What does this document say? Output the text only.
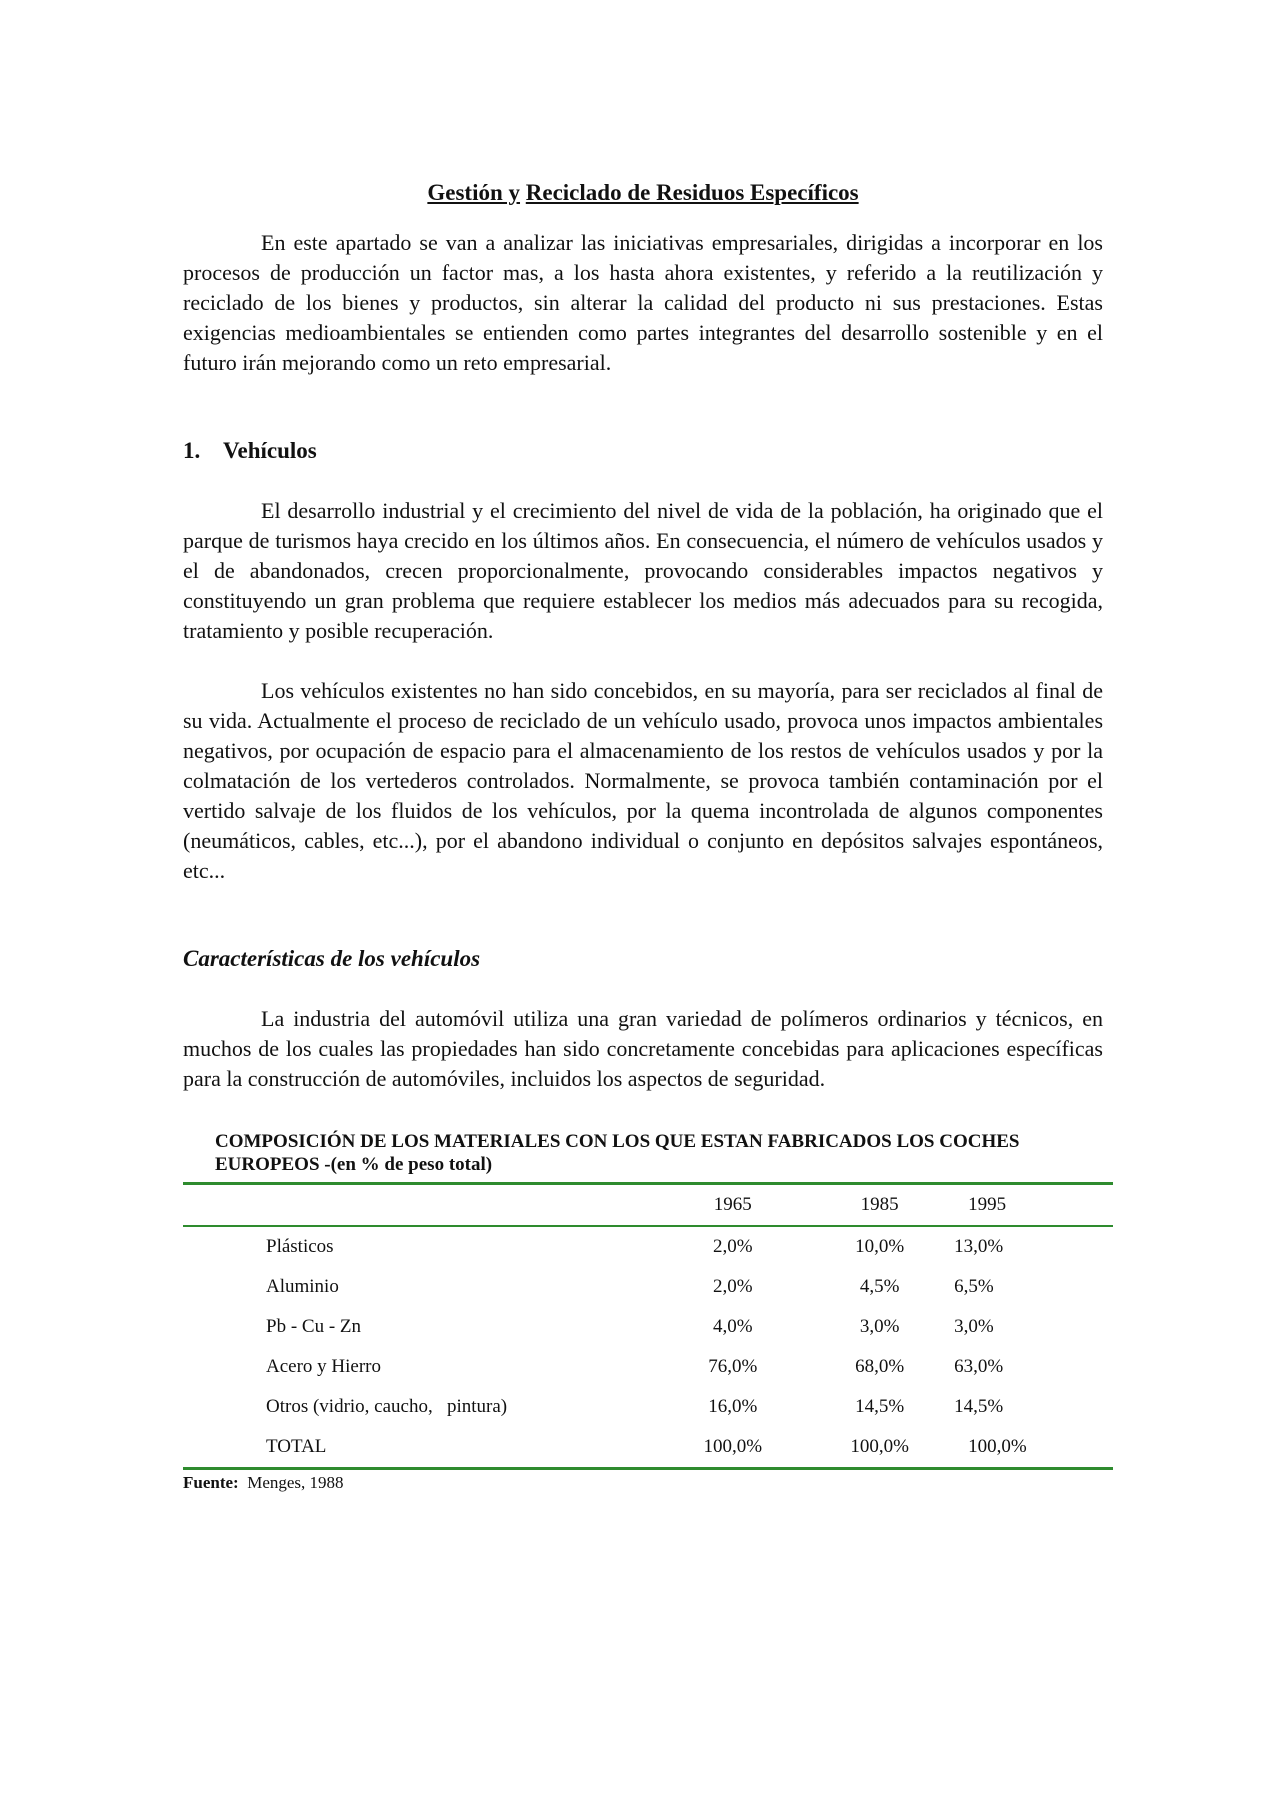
Gestión y Reciclado de Residuos Específicos

En este apartado se van a analizar las iniciativas empresariales, dirigidas a incorporar en los procesos de producción un factor mas, a los hasta ahora existentes, y referido a la reutilización y reciclado de los bienes y productos, sin alterar la calidad del producto ni sus prestaciones. Estas exigencias medioambientales se entienden como partes integrantes del desarrollo sostenible y en el futuro irán mejorando como un reto empresarial.

1. Vehículos

El desarrollo industrial y el crecimiento del nivel de vida de la población, ha originado que el parque de turismos haya crecido en los últimos años. En consecuencia, el número de vehículos usados y el de abandonados, crecen proporcionalmente, provocando considerables impactos negativos y constituyendo un gran problema que requiere establecer los medios más adecuados para su recogida, tratamiento y posible recuperación.

Los vehículos existentes no han sido concebidos, en su mayoría, para ser reciclados al final de su vida. Actualmente el proceso de reciclado de un vehículo usado, provoca unos impactos ambientales negativos, por ocupación de espacio para el almacenamiento de los restos de vehículos usados y por la colmatación de los vertederos controlados. Normalmente, se provoca también contaminación por el vertido salvaje de los fluidos de los vehículos, por la quema incontrolada de algunos componentes (neumáticos, cables, etc...), por el abandono individual o conjunto en depósitos salvajes espontáneos, etc...

Características de los vehículos

La industria del automóvil utiliza una gran variedad de polímeros ordinarios y técnicos, en muchos de los cuales las propiedades han sido concretamente concebidas para aplicaciones específicas para la construcción de automóviles, incluidos los aspectos de seguridad.

COMPOSICIÓN DE LOS MATERIALES CON LOS QUE ESTAN FABRICADOS LOS COCHES EUROPEOS -(en % de peso total)
	1965	1985	1995
Plásticos	2,0%	10,0%	13,0%
Aluminio	2,0%	4,5%	6,5%
Pb - Cu - Zn	4,0%	3,0%	3,0%
Acero y Hierro	76,0%	68,0%	63,0%
Otros (vidrio, caucho,   pintura)	16,0%	14,5%	14,5%
TOTAL	100,0%	100,0%	100,0%

Fuente: Menges, 1988
